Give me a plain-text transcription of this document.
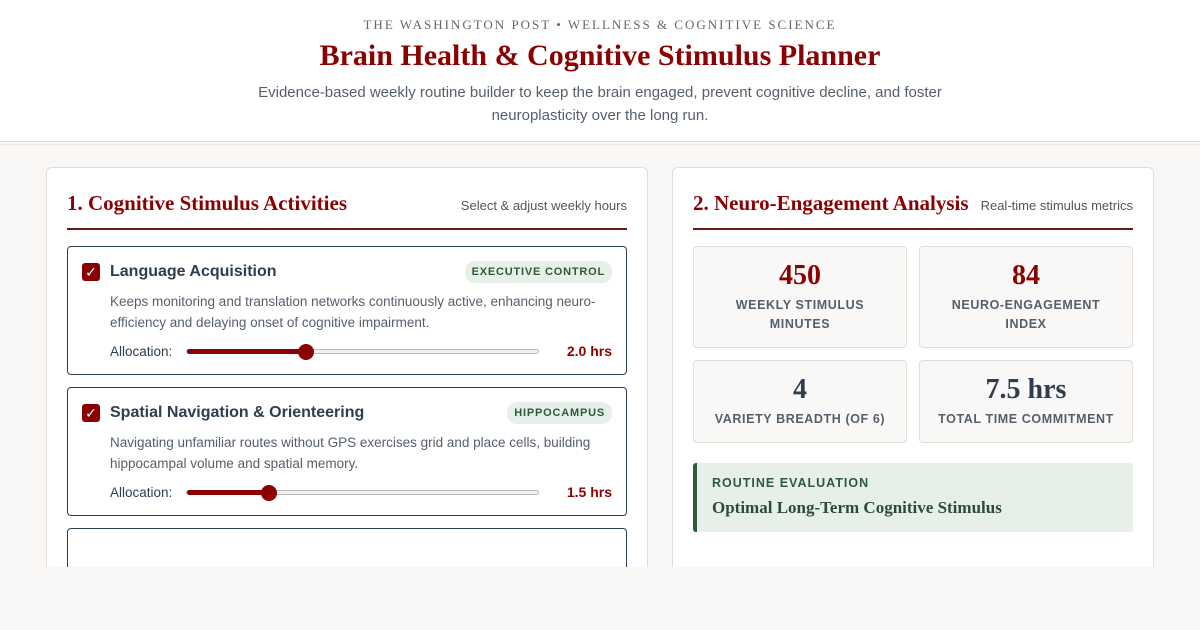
THE WASHINGTON POST • WELLNESS & COGNITIVE SCIENCE
Brain Health & Cognitive Stimulus Planner

Evidence-based weekly routine builder to keep the brain engaged, prevent cognitive decline, and foster neuroplasticity over the long run.

1. Cognitive Stimulus Activities	Select & adjust weekly hours
✓ Language Acquisition	EXECUTIVE CONTROL

Keeps monitoring and translation networks continuously active, enhancing neuro-efficiency and delaying onset of cognitive impairment.

Allocation:	2.0 hrs
✓ Spatial Navigation & Orienteering	HIPPOCAMPUS

Navigating unfamiliar routes without GPS exercises grid and place cells, building hippocampal volume and spatial memory.

Allocation:	1.5 hrs
2. Neuro-Engagement Analysis Real-time stimulus metrics
450
WEEKLY STIMULUS MINUTES
84
NEURO-ENGAGEMENT INDEX
4
VARIETY BREADTH (OF 6)
7.5 hrs
TOTAL TIME COMMITMENT
ROUTINE EVALUATION
Optimal Long-Term Cognitive Stimulus
